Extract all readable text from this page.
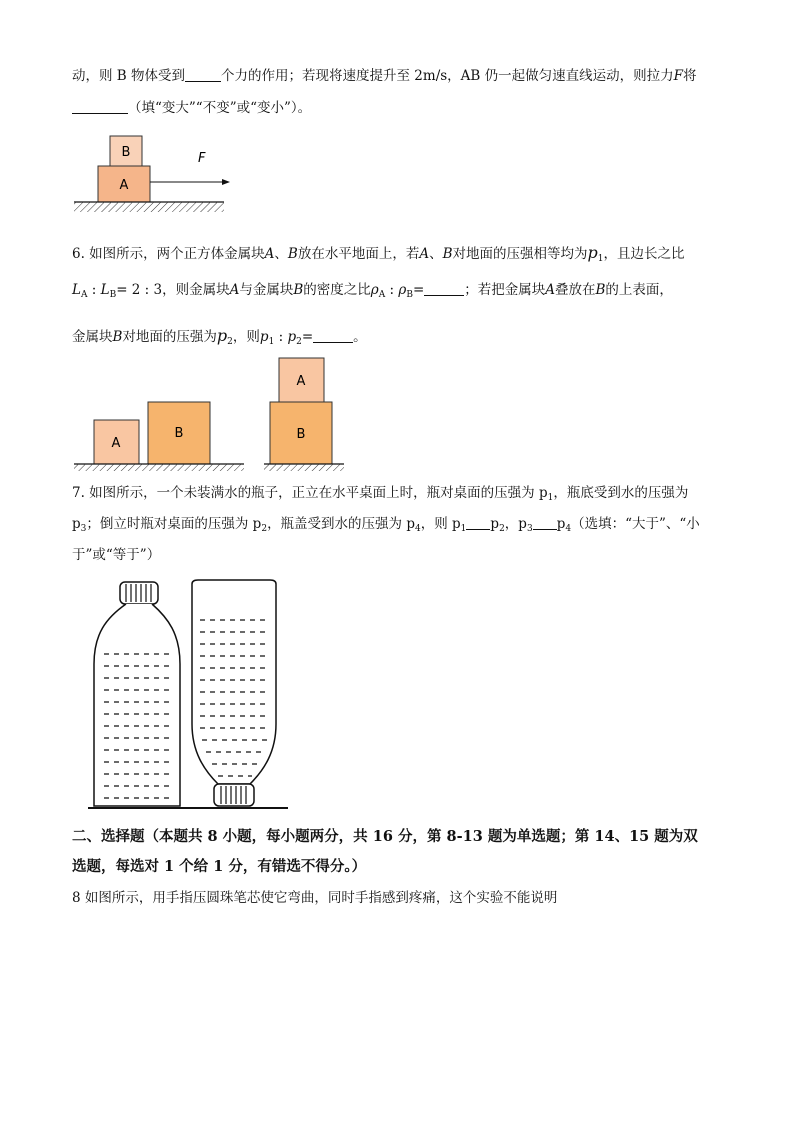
动，则 B 物体受到	个力的作用；若现将速度提升至 2m/s，AB 仍一起做匀速直线运动，则拉力F将
（填“变大”“不变”或“变小”）。
B
A
F
6. 如图所示，两个正方体金属块A、B放在水平地面上，若A、B对地面的压强相等均为$p_1$，且边长之比
$L_A$ : $L_B= 2$ : 3，则金属块A与金属块B的密度之比$\rho_A$ : $\rho_B=$	；若把金属块A叠放在B的上表面，
金属块B对地面的压强为$p_2$，则$p_1$ : $p_2=$	。
A
B
A
B
7. 如图所示，一个未装满水的瓶子，正立在水平桌面上时，瓶对桌面的压强为 $p_1$，瓶底受到水的压强为
$p_3$；倒立时瓶对桌面的压强为 $p_2$，瓶盖受到水的压强为 $p_4$，则 $p_1$ $p_2$，$p_3$ $p_4$（选填：“大于”、“小
于”或“等于”）
二、选择题（本题共 8 小题，每小题两分，共 16 分，第 8-13 题为单选题；第 14、15 题为双
选题，每选对 1 个给 1 分，有错选不得分。）
8 如图所示，用手指压圆珠笔芯使它弯曲，同时手指感到疼痛，这个实验不能说明
